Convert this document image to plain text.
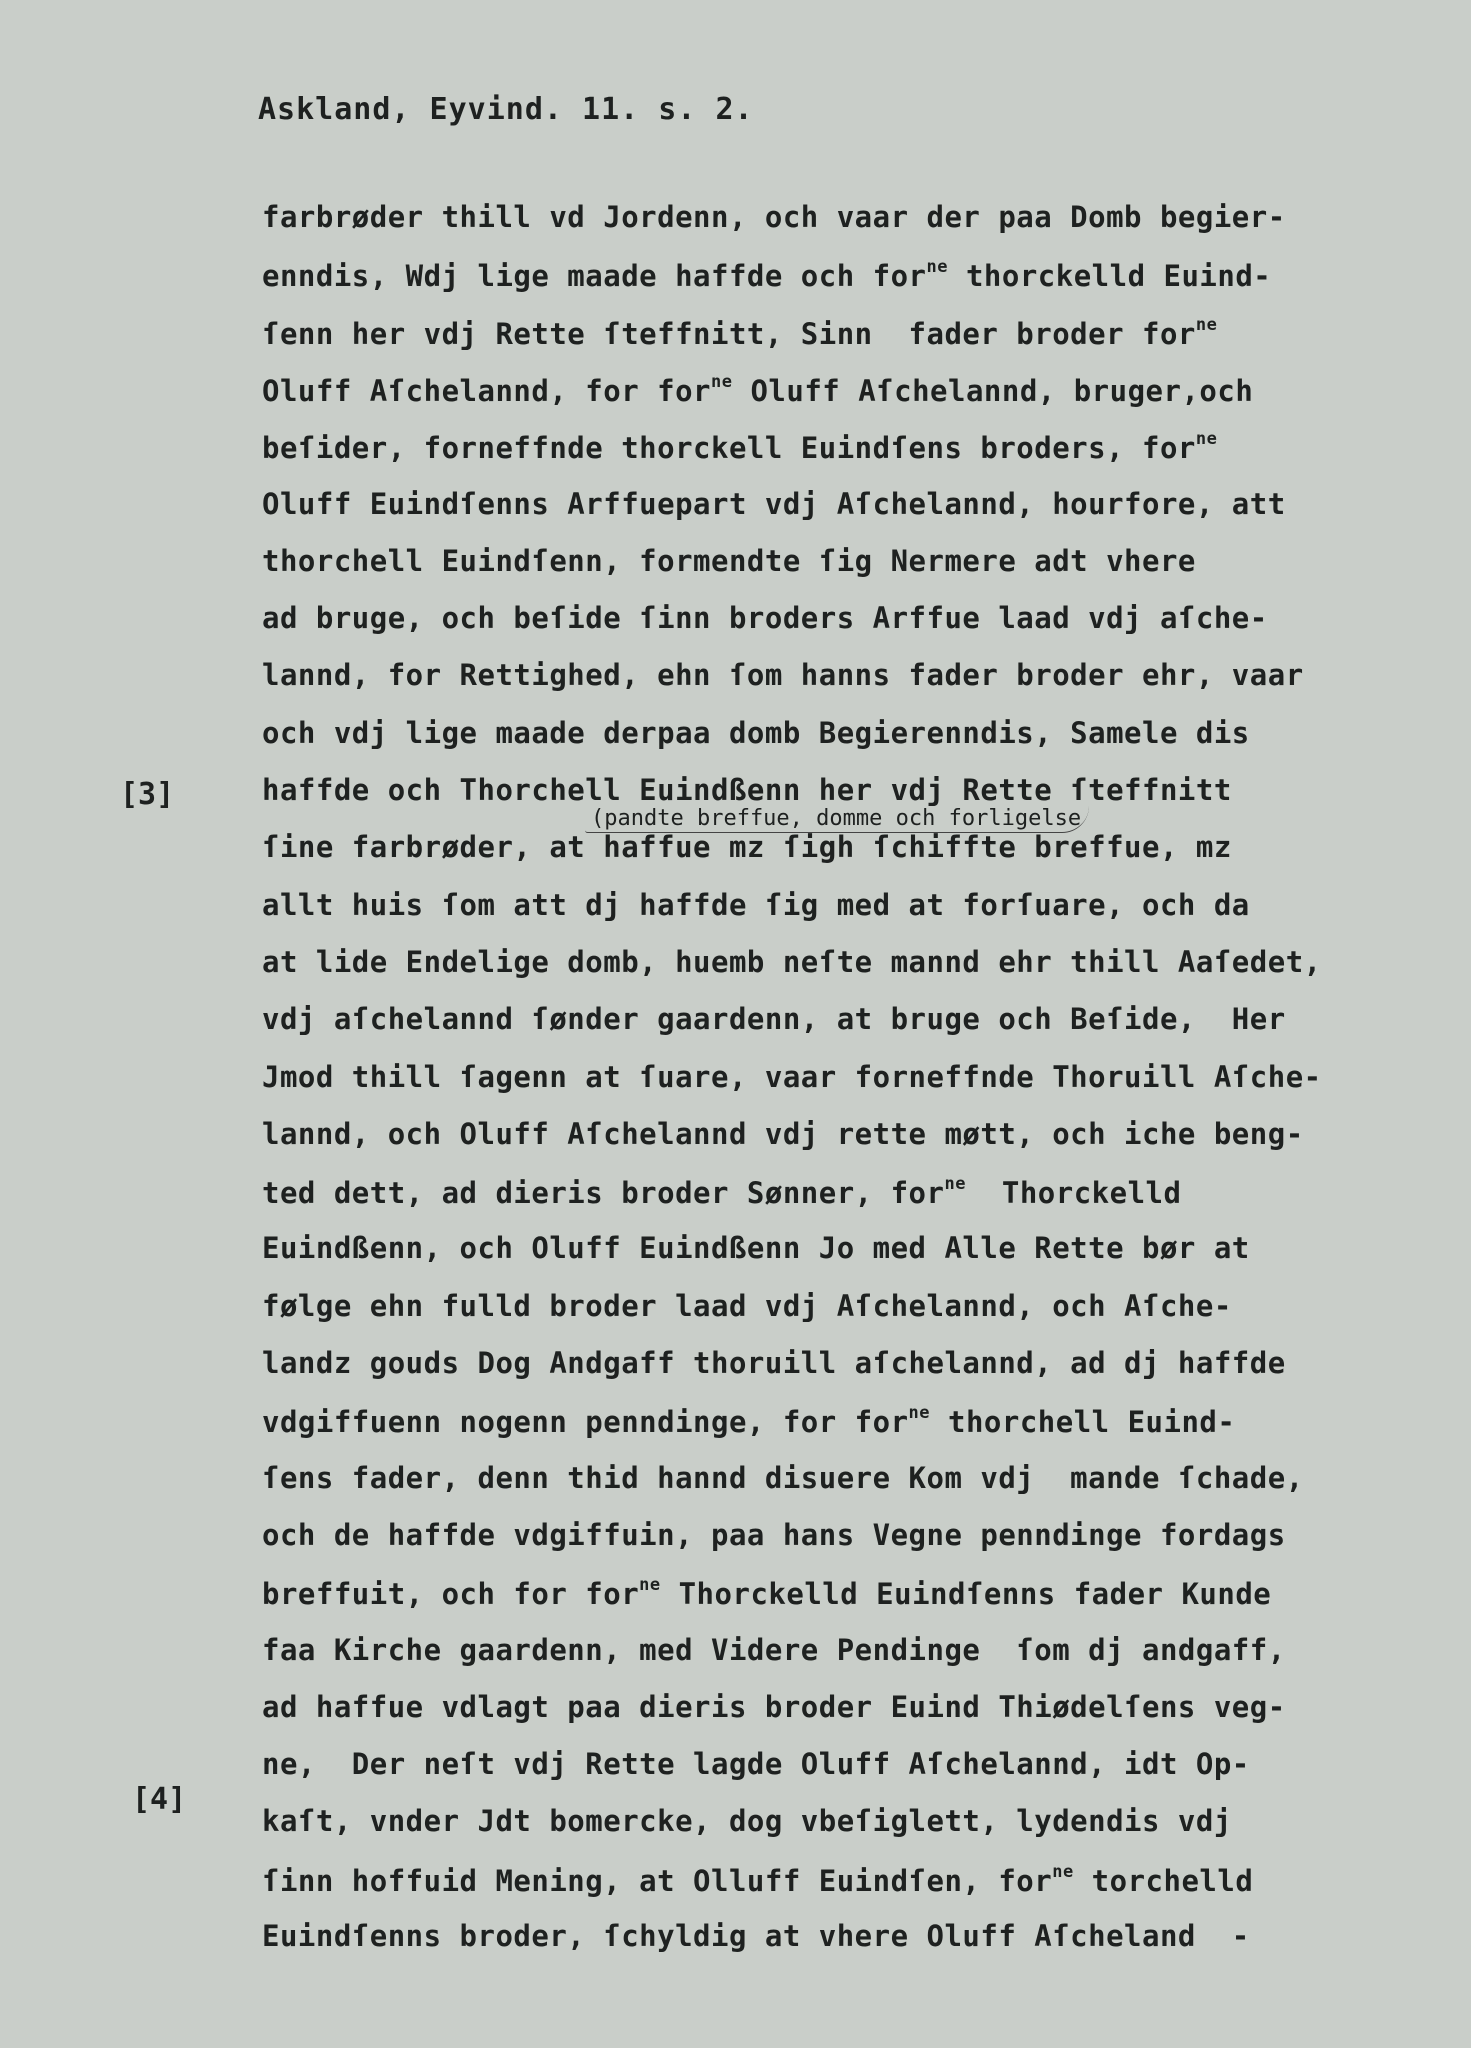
Askland, Eyvind. 11. s. 2.
[3]
[4]
(pandte breffue, domme och forligelse
farbrøder thill vd Jordenn, och vaar der paa Domb begier-
enndis, Wdj lige maade haffde och for$^{ne}$ thorckelld Euind-
ſenn her vdj Rette ſteffnitt, Sinn  fader broder for$^{ne}$
Oluff Aſchelannd, for for$^{ne}$ Oluff Aſchelannd, bruger,och
beſider, forneffnde thorckell Euindſens broders, for$^{ne}$
Oluff Euindſenns Arffuepart vdj Aſchelannd, hourfore, att
thorchell Euindſenn, formendte ſig Nermere adt vhere
ad bruge, och beſide ſinn broders Arffue laad vdj aſche-
lannd, for Rettighed, ehn ſom hanns fader broder ehr, vaar
och vdj lige maade derpaa domb Begierenndis, Samele dis
haffde och Thorchell Euindßenn her vdj Rette ſteffnitt
ſine farbrøder, at haffue mz ſigh ſchiffte breffue, mz
allt huis ſom att dj haffde ſig med at forſuare, och da
at lide Endelige domb, huemb neſte mannd ehr thill Aaſedet,
vdj aſchelannd ſønder gaardenn, at bruge och Beſide,  Her
Jmod thill ſagenn at ſuare, vaar forneffnde Thoruill Aſche-
lannd, och Oluff Aſchelannd vdj rette møtt, och iche beng-
ted dett, ad dieris broder Sønner, for$^{ne}$  Thorckelld
Euindßenn, och Oluff Euindßenn Jo med Alle Rette bør at
følge ehn fulld broder laad vdj Aſchelannd, och Aſche-
landz gouds Dog Andgaff thoruill aſchelannd, ad dj haffde
vdgiffuenn nogenn penndinge, for for$^{ne}$ thorchell Euind-
ſens fader, denn thid hannd disuere Kom vdj  mande ſchade,
och de haffde vdgiffuin, paa hans Vegne penndinge fordags
breffuit, och for for$^{ne}$ Thorckelld Euindſenns fader Kunde
faa Kirche gaardenn, med Videre Pendinge  ſom dj andgaff,
ad haffue vdlagt paa dieris broder Euind Thiødelſens veg-
ne,  Der neſt vdj Rette lagde Oluff Aſchelannd, idt Op-
kaſt, vnder Jdt bomercke, dog vbeſiglett, lydendis vdj
ſinn hoffuid Mening, at Olluff Euindſen, for$^{ne}$ torchelld
Euindſenns broder, ſchyldig at vhere Oluff Aſcheland  -
